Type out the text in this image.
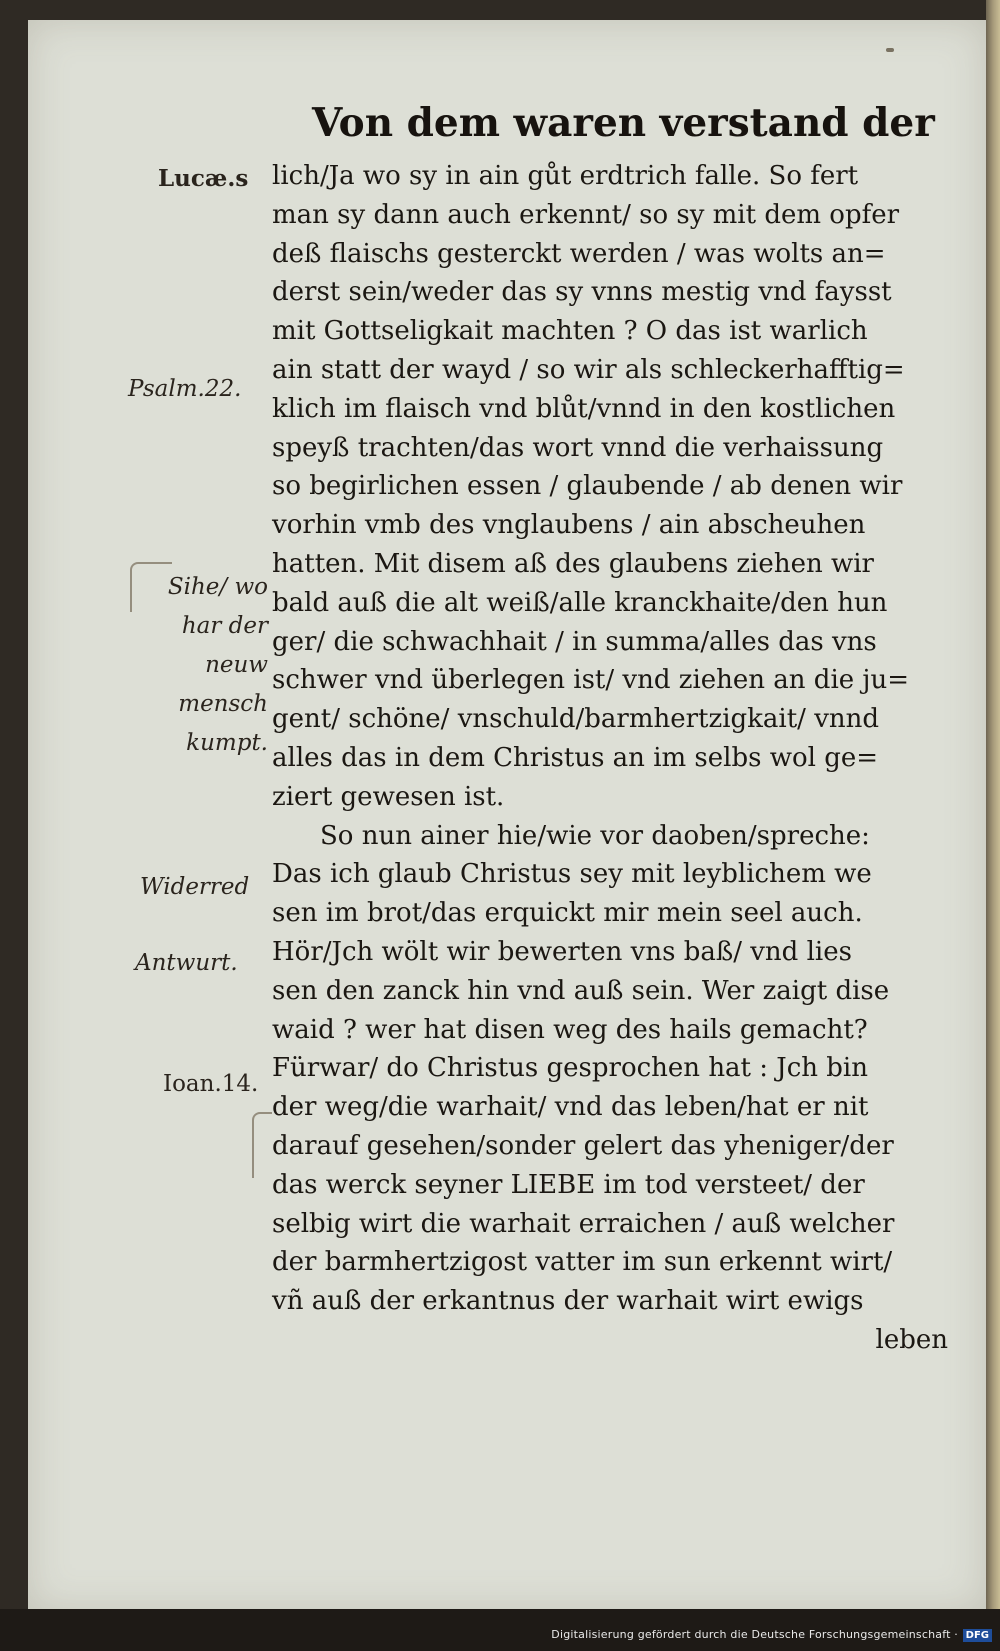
Von dem waren verstand der
Lucæ.s
Psalm.22.
Sihe/ wo
har der
neuw
mensch
kumpt.
Widerred
Antwurt.
Ioan.14.
lich/Ja wo sy in ain gůt erdtrich falle. So fert
man sy dann auch erkennt/ so sy mit dem opfer
deß flaischs gesterckt werden / was wolts an=
derst sein/weder das sy vnns mestig vnd faysst
mit Gottseligkait machten ? O das ist warlich
ain statt der wayd / so wir als schleckerhafftig=
klich im flaisch vnd blůt/vnnd in den kostlichen
speyß trachten/das wort vnnd die verhaissung
so begirlichen essen / glaubende / ab denen wir
vorhin vmb des vnglaubens / ain abscheuhen
hatten. Mit disem aß des glaubens ziehen wir
bald auß die alt weiß/alle kranckhaite/den hun
ger/ die schwachhait / in summa/alles das vns
schwer vnd überlegen ist/ vnd ziehen an die ju=
gent/ schöne/ vnschuld/barmhertzigkait/ vnnd
alles das in dem Christus an im selbs wol ge=
ziert gewesen ist.
So nun ainer hie/wie vor daoben/spreche:
Das ich glaub Christus sey mit leyblichem we
sen im brot/das erquickt mir mein seel auch.
Hör/Jch wölt wir bewerten vns baß/ vnd lies
sen den zanck hin vnd auß sein. Wer zaigt dise
waid ? wer hat disen weg des hails gemacht?
Fürwar/ do Christus gesprochen hat : Jch bin
der weg/die warhait/ vnd das leben/hat er nit
darauf gesehen/sonder gelert das yheniger/der
das werck seyner LIEBE im tod versteet/ der
selbig wirt die warhait erraichen / auß welcher
der barmhertzigost vatter im sun erkennt wirt/
vñ auß der erkantnus der warhait wirt ewigs
leben
Digitalisierung gefördert durch die Deutsche Forschungsgemeinschaft · DFG
